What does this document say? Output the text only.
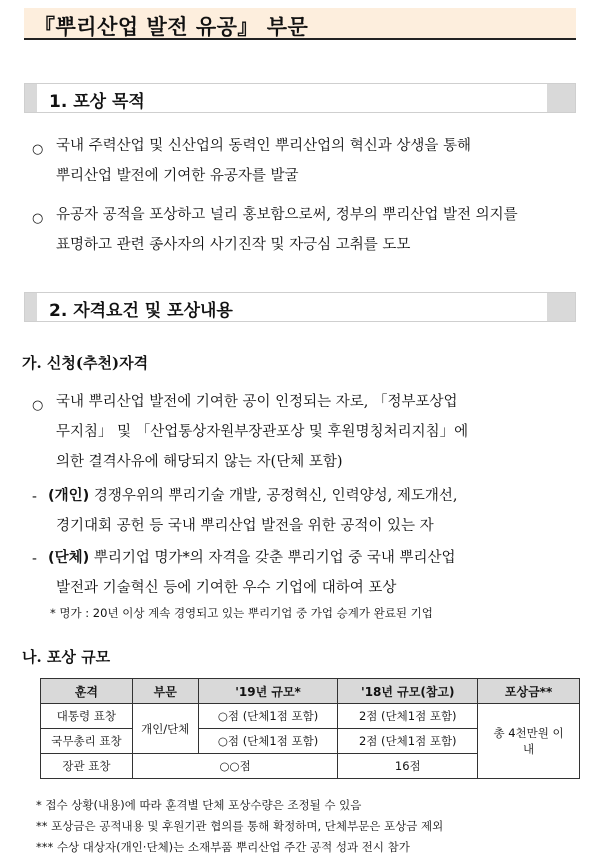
『뿌리산업 발전 유공』 부문
1. 포상 목적
○ 국내 주력산업 및 신산업의 동력인 뿌리산업의 혁신과 상생을 통해
뿌리산업 발전에 기여한 유공자를 발굴
○ 유공자 공적을 포상하고 널리 홍보함으로써, 정부의 뿌리산업 발전 의지를
표명하고 관련 종사자의 사기진작 및 자긍심 고취를 도모
2. 자격요건 및 포상내용
가. 신청(추천)자격
○ 국내 뿌리산업 발전에 기여한 공이 인정되는 자로, 「정부포상업
무지침」 및 「산업통상자원부장관포상 및 후원명칭처리지침」에
의한 결격사유에 해당되지 않는 자(단체 포함)
- (개인) 경쟁우위의 뿌리기술 개발, 공정혁신, 인력양성, 제도개선,
경기대회 공헌 등 국내 뿌리산업 발전을 위한 공적이 있는 자
- (단체) 뿌리기업 명가*의 자격을 갖춘 뿌리기업 중 국내 뿌리산업
발전과 기술혁신 등에 기여한 우수 기업에 대하여 포상
* 명가 : 20년 이상 계속 경영되고 있는 뿌리기업 중 가업 승계가 완료된 기업
나. 포상 규모
훈격	부문	'19년 규모*	'18년 규모(참고)	포상금**
대통령 표창	개인/단체	○점 (단체1점 포함)	2점 (단체1점 포함)	총 4천만원 이내
국무총리 표창		○점 (단체1점 포함)	2점 (단체1점 포함)	
장관 표창	○○점		16점	
* 접수 상황(내용)에 따라 훈격별 단체 포상수량은 조정될 수 있음
** 포상금은 공적내용 및 후원기관 협의를 통해 확정하며, 단체부문은 포상금 제외
*** 수상 대상자(개인·단체)는 소재부품 뿌리산업 주간 공적 성과 전시 참가
